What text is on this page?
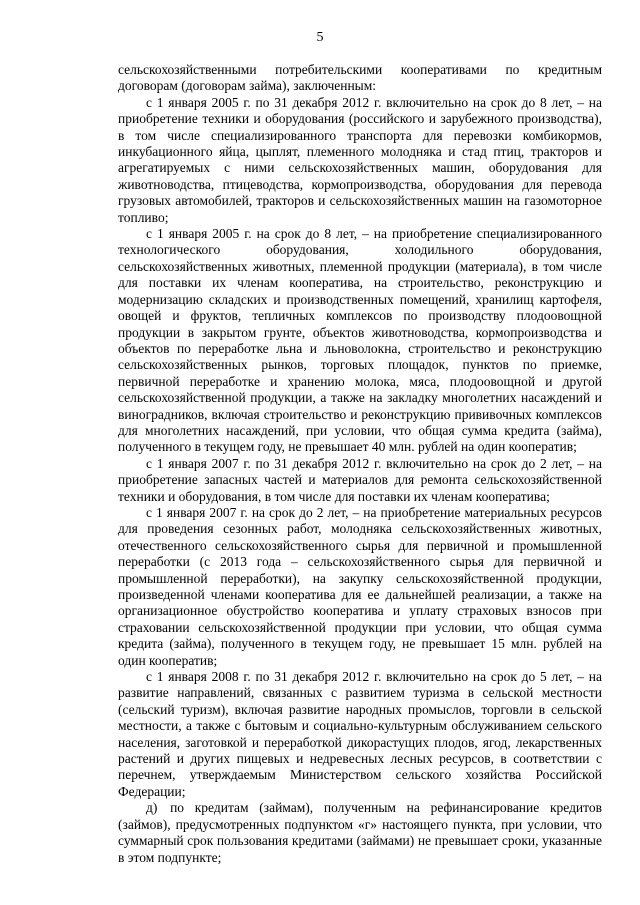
5

сельскохозяйственными потребительскими кооперативами по кредитным договорам (договорам займа), заключенным:

с 1 января 2005 г. по 31 декабря 2012 г. включительно на срок до 8 лет, – на приобретение техники и оборудования (российского и зарубежного производства), в том числе специализированного транспорта для перевозки комбикормов, инкубационного яйца, цыплят, племенного молодняка и стад птиц, тракторов и агрегатируемых с ними сельскохозяйственных машин, оборудования для животноводства, птицеводства, кормопроизводства, оборудования для перевода грузовых автомобилей, тракторов и сельскохозяйственных машин на газомоторное топливо;

с 1 января 2005 г. на срок до 8 лет, – на приобретение специализированного технологического оборудования, холодильного оборудования, сельскохозяйственных животных, племенной продукции (материала), в том числе для поставки их членам кооператива, на строительство, реконструкцию и модернизацию складских и производственных помещений, хранилищ картофеля, овощей и фруктов, тепличных комплексов по производству плодоовощной продукции в закрытом грунте, объектов животноводства, кормопроизводства и объектов по переработке льна и льноволокна, строительство и реконструкцию сельскохозяйственных рынков, торговых площадок, пунктов по приемке, первичной переработке и хранению молока, мяса, плодоовощной и другой сельскохозяйственной продукции, а также на закладку многолетних насаждений и виноградников, включая строительство и реконструкцию прививочных комплексов для многолетних насаждений, при условии, что общая сумма кредита (займа), полученного в текущем году, не превышает 40 млн. рублей на один кооператив;

с 1 января 2007 г. по 31 декабря 2012 г. включительно на срок до 2 лет, – на приобретение запасных частей и материалов для ремонта сельскохозяйственной техники и оборудования, в том числе для поставки их членам кооператива;

с 1 января 2007 г. на срок до 2 лет, – на приобретение материальных ресурсов для проведения сезонных работ, молодняка сельскохозяйственных животных, отечественного сельскохозяйственного сырья для первичной и промышленной переработки (с 2013 года – сельскохозяйственного сырья для первичной и промышленной переработки), на закупку сельскохозяйственной продукции, произведенной членами кооператива для ее дальнейшей реализации, а также на организационное обустройство кооператива и уплату страховых взносов при страховании сельскохозяйственной продукции при условии, что общая сумма кредита (займа), полученного в текущем году, не превышает 15 млн. рублей на один кооператив;

с 1 января 2008 г. по 31 декабря 2012 г. включительно на срок до 5 лет, – на развитие направлений, связанных с развитием туризма в сельской местности (сельский туризм), включая развитие народных промыслов, торговли в сельской местности, а также с бытовым и социально-культурным обслуживанием сельского населения, заготовкой и переработкой дикорастущих плодов, ягод, лекарственных растений и других пищевых и недревесных лесных ресурсов, в соответствии с перечнем, утверждаемым Министерством сельского хозяйства Российской Федерации;

д) по кредитам (займам), полученным на рефинансирование кредитов (займов), предусмотренных подпунктом «г» настоящего пункта, при условии, что суммарный срок пользования кредитами (займами) не превышает сроки, указанные в этом подпункте;
